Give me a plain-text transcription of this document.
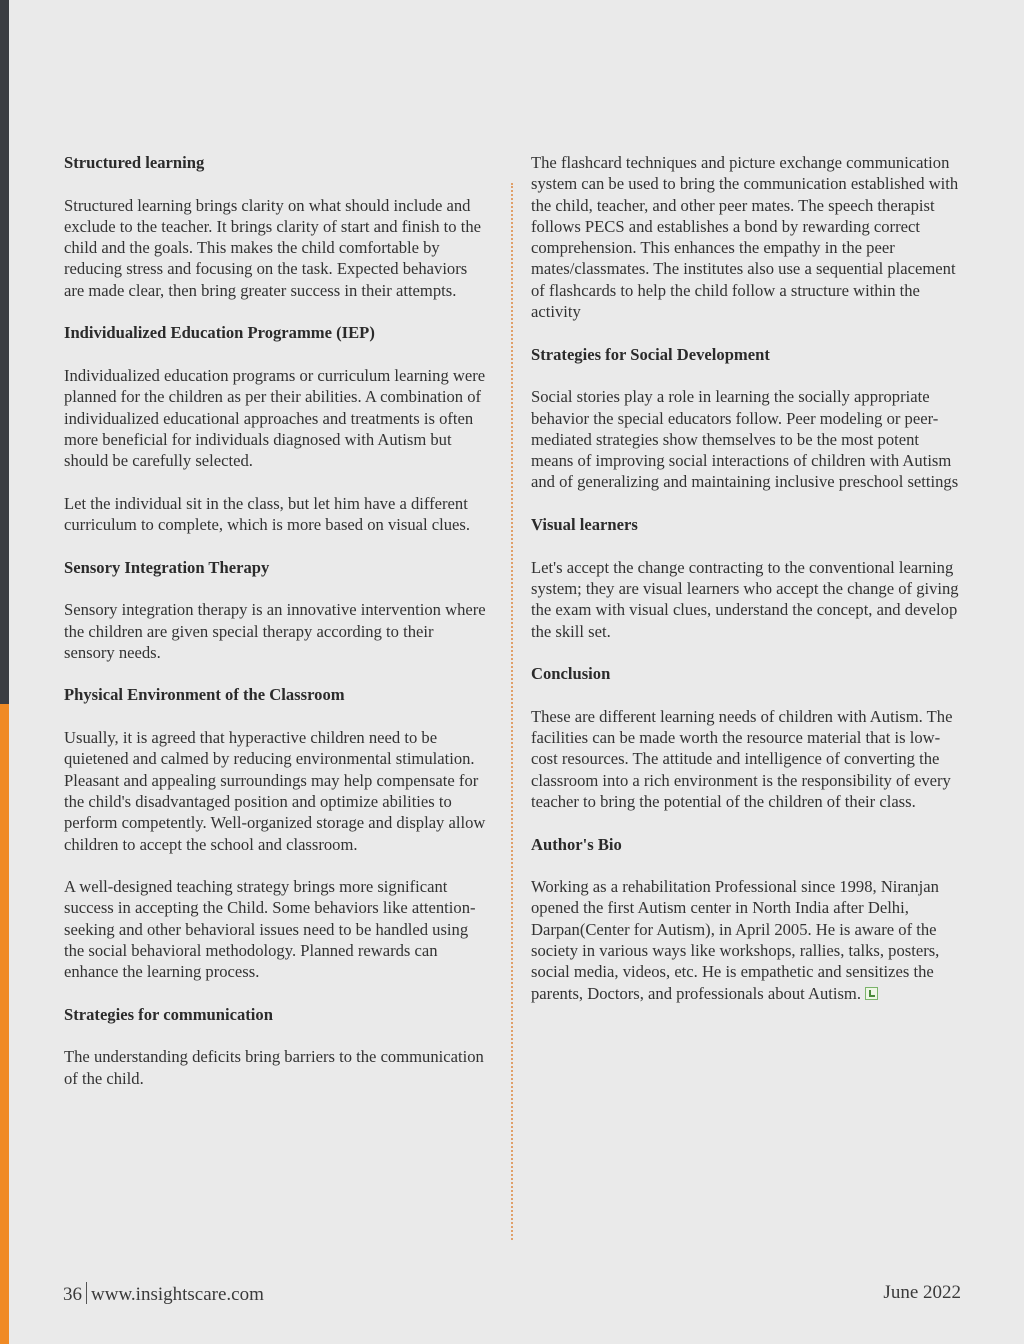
Structured learning

Structured learning brings clarity on what should include and exclude to the teacher. It brings clarity of start and finish to the child and the goals. This makes the child comfortable by reducing stress and focusing on the task. Expected behaviors are made clear, then bring greater success in their attempts.

Individualized Education Programme (IEP)

Individualized education programs or curriculum learning were planned for the children as per their abilities. A combination of individualized educational approaches and treatments is often more beneficial for individuals diagnosed with Autism but should be carefully selected.

Let the individual sit in the class, but let him have a different curriculum to complete, which is more based on visual clues.

Sensory Integration Therapy

Sensory integration therapy is an innovative intervention where the children are given special therapy according to their sensory needs.

Physical Environment of the Classroom

Usually, it is agreed that hyperactive children need to be quietened and calmed by reducing environmental stimulation. Pleasant and appealing surroundings may help compensate for the child's disadvantaged position and optimize abilities to perform competently. Well-organized storage and display allow children to accept the school and classroom.

A well-designed teaching strategy brings more significant success in accepting the Child. Some behaviors like attention-seeking and other behavioral issues need to be handled using the social behavioral methodology. Planned rewards can enhance the learning process.

Strategies for communication

The understanding deficits bring barriers to the communication of the child.

The flashcard techniques and picture exchange communication system can be used to bring the communication established with the child, teacher, and other peer mates. The speech therapist follows PECS and establishes a bond by rewarding correct comprehension. This enhances the empathy in the peer mates/classmates. The institutes also use a sequential placement of flashcards to help the child follow a structure within the activity

Strategies for Social Development

Social stories play a role in learning the socially appropriate behavior the special educators follow. Peer modeling or peer-mediated strategies show themselves to be the most potent means of improving social interactions of children with Autism and of generalizing and maintaining inclusive preschool settings

Visual learners

Let's accept the change contracting to the conventional learning system; they are visual learners who accept the change of giving the exam with visual clues, understand the concept, and develop the skill set.

Conclusion

These are different learning needs of children with Autism. The facilities can be made worth the resource material that is low-cost resources. The attitude and intelligence of converting the classroom into a rich environment is the responsibility of every teacher to bring the potential of the children of their class.

Author's Bio

Working as a rehabilitation Professional since 1998, Niranjan opened the first Autism center in North India after Delhi, Darpan(Center for Autism), in April 2005. He is aware of the society in various ways like workshops, rallies, talks, posters, social media, videos, etc. He is empathetic and sensitizes the parents, Doctors, and professionals about Autism.

36 www.insightscare.com	June 2022
